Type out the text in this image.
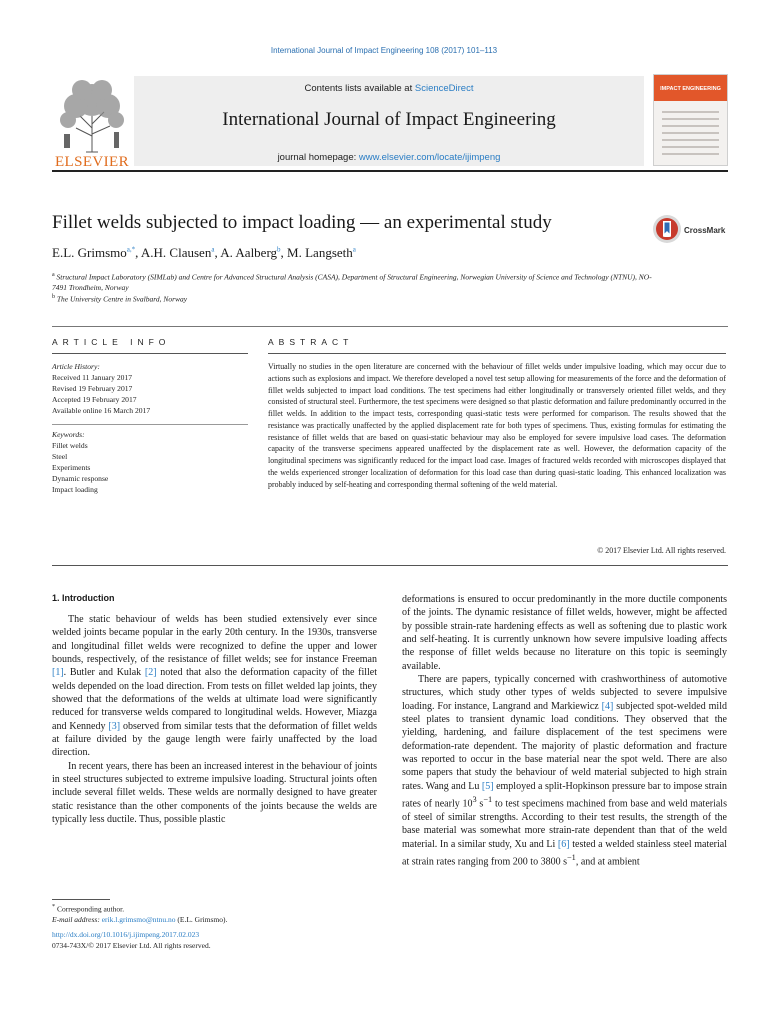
International Journal of Impact Engineering 108 (2017) 101–113
ELSEVIER
Contents lists available at ScienceDirect
International Journal of Impact Engineering
journal homepage: www.elsevier.com/locate/ijimpeng
IMPACT ENGINEERING
Fillet welds subjected to impact loading — an experimental study	CrossMark
E.L. Grimsmo$^{a,*}$, A.H. Clausen$^a$, A. Aalberg$^b$, M. Langseth$^a$
$^a$ Structural Impact Laboratory (SIMLab) and Centre for Advanced Structural Analysis (CASA), Department of Structural Engineering, Norwegian University of Science and Technology (NTNU), NO-7491 Trondheim, Norway
$^b$ The University Centre in Svalbard, Norway
ARTICLE INFO	ABSTRACT
Article History:
Received 11 January 2017
Revised 19 February 2017
Accepted 19 February 2017
Available online 16 March 2017
Keywords:
Fillet welds
Steel
Experiments
Dynamic response
Impact loading
Virtually no studies in the open literature are concerned with the behaviour of fillet welds under impulsive loading, which may occur due to actions such as explosions and impact. We therefore developed a novel test setup allowing for measurements of the force and the deformation of fillet welds subjected to impact load conditions. The test specimens had either longitudinally or transversely oriented fillet welds, and they consisted of structural steel. Furthermore, the test specimens were designed so that plastic deformation and failure predominantly occurred in the fillet welds. In addition to the impact tests, corresponding quasi-static tests were performed for comparison. The results showed that the resistance was practically unaffected by the applied displacement rate for both types of specimens. Thus, existing formulas for estimating the resistance of fillet welds that are based on quasi-static behaviour may also be employed for severe impulsive load cases. The deformation capacity of the transverse specimens appeared unaffected by the displacement rate as well. However, the deformation capacity of the longitudinal specimens was significantly reduced for the impact load case. Images of fractured welds recorded with microscopes displayed that the welds experienced stronger localization of deformation for this load case than during quasi-static loading. This enhanced localization was probably induced by self-heating and corresponding thermal softening of the weld material.
© 2017 Elsevier Ltd. All rights reserved.
1. Introduction

The static behaviour of welds has been studied extensively ever since welded joints became popular in the early 20th century. In the 1930s, transverse and longitudinal fillet welds were recognized to define the upper and lower bounds, respectively, of the resistance of fillet welds; see for instance Freeman [1]. Butler and Kulak [2] noted that also the deformation capacity of the fillet welds depended on the load direction. From tests on fillet welded lap joints, they showed that the deformations of the welds at ultimate load were significantly reduced for transverse welds compared to longitudinal welds. However, Miazga and Kennedy [3] observed from similar tests that the deformation of fillet welds at failure divided by the gauge length were fairly unaffected by the load direction.

In recent years, there has been an increased interest in the behaviour of joints in steel structures subjected to extreme impulsive loading. Structural joints often include several fillet welds. These welds are normally designed to have greater static resistance than the other components of the joints because the welds are typically less ductile. Thus, possible plastic

deformations is ensured to occur predominantly in the more ductile components of the joints. The dynamic resistance of fillet welds, however, might be affected by possible strain-rate hardening effects as well as softening due to plastic work and self-heating. It is currently unknown how severe impulsive loading affects the response of fillet welds because no literature on this topic is seemingly available.

There are papers, typically concerned with crashworthiness of automotive structures, which study other types of welds subjected to severe impulsive loading. For instance, Langrand and Markiewicz [4] subjected spot-welded mild steel plates to transient dynamic load conditions. They observed that the yielding, hardening, and failure displacement of the test specimens were deformation-rate dependent. The majority of plastic deformation and fracture was reported to occur in the base material near the spot weld. There are also some papers that study the behaviour of weld material subjected to high strain rates. Wang and Lu [5] employed a split-Hopkinson pressure bar to impose strain rates of nearly $10^3$ $s^{-1}$ to test specimens machined from base and weld materials of steel of similar strengths. According to their test results, the strength of the base material was somewhat more strain-rate dependent than that of the weld material. In a similar study, Xu and Li [6] tested a welded stainless steel material at strain rates ranging from 200 to 3800 $s^{-1}$, and at ambient

* Corresponding author.
E-mail address: erik.l.grimsmo@ntnu.no (E.L. Grimsmo).
http://dx.doi.org/10.1016/j.ijimpeng.2017.02.023
0734-743X/© 2017 Elsevier Ltd. All rights reserved.
